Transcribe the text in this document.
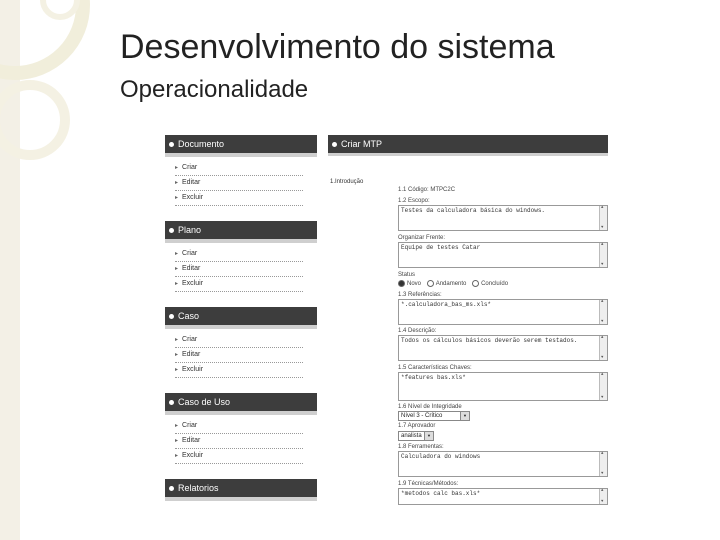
Desenvolvimento do sistema
Operacionalidade
Documento
▸ Criar
▸ Editar
▸ Excluir
Plano
▸ Criar
▸ Editar
▸ Excluir
Caso
▸ Criar
▸ Editar
▸ Excluir
Caso de Uso
▸ Criar
▸ Editar
▸ Excluir
Relatorios
Criar MTP
1.Introdução
1.1 Código: MTPC2C
1.2 Escopo:
Testes da calculadora básica do windows.
▲ ▼
Organizar Frente:
Equipe de testes Catar
▲ ▼
Status
Novo Andamento Concluído
1.3 Referências:
*.calculadora_bas_ms.xls*
▲ ▼
1.4 Descrição:
Todos os cálculos básicos deverão serem testados.
▲ ▼
1.5 Características Chaves:
*features bas.xls*
▲ ▼
1.6 Nível de Integridade
Nível 3 - Crítico	▼
1.7 Aprovador
analista	▼
1.8 Ferramentas:
Calculadora do windows
▲ ▼
1.9 Técnicas/Métodos:
*metodos calc bas.xls*
▲ ▼
